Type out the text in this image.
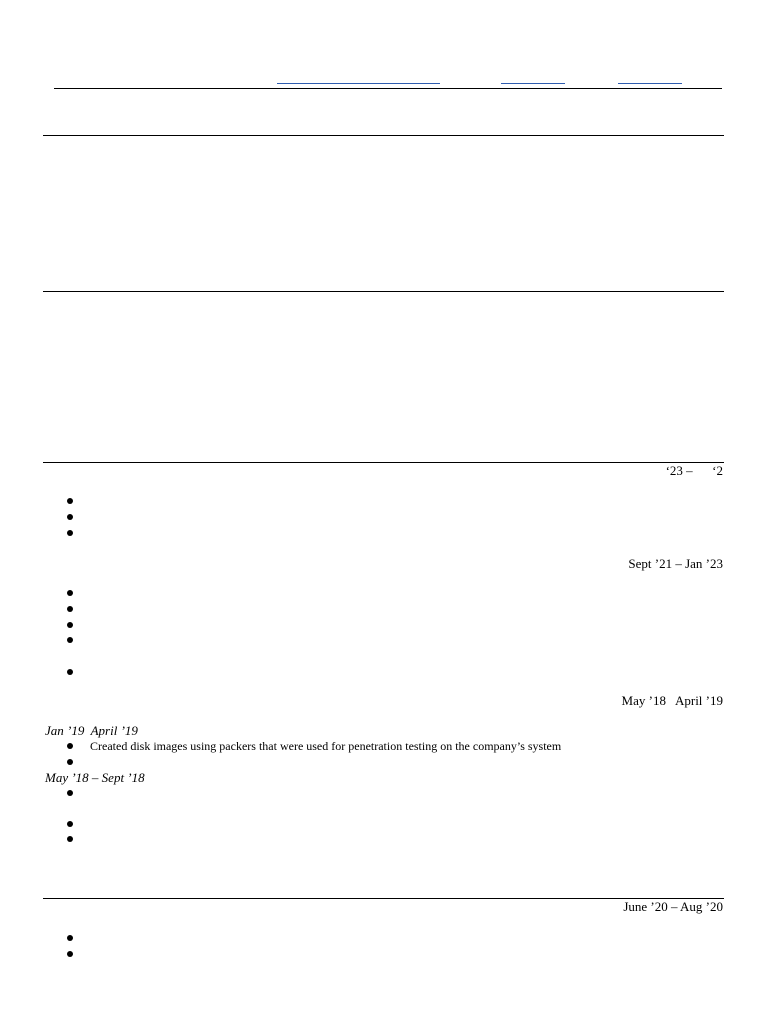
‘23 –      ‘2
Sept ’21 – Jan ’23
May ’18   April ’19
Jan ’19  April ’19
Created disk images using packers that were used for penetration testing on the company’s system
May ’18 – Sept ’18
June ’20 – Aug ’20
